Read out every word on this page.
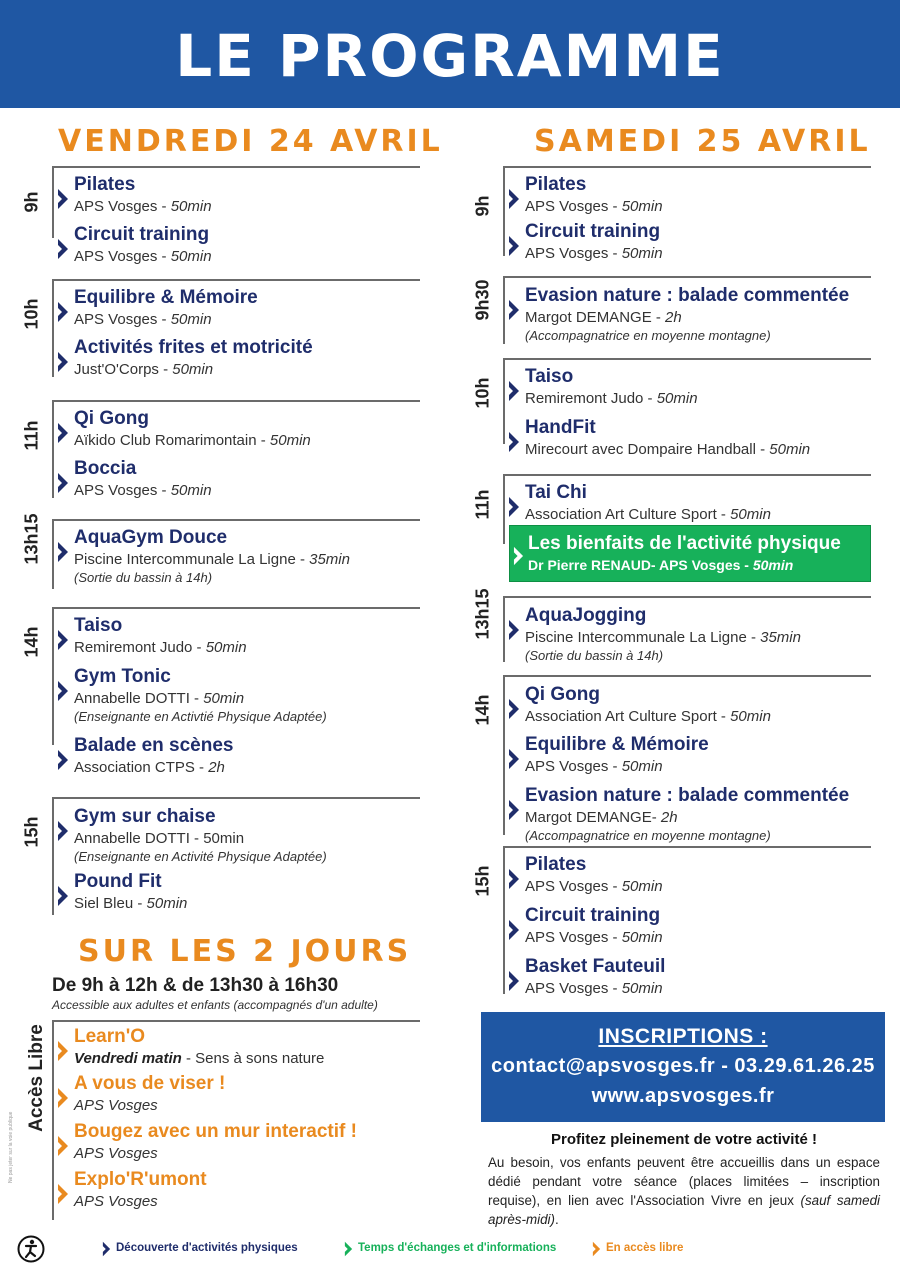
LE PROGRAMME
VENDREDI 24 AVRIL	SAMEDI 25 AVRIL
9h
Pilates
APS Vosges - 50min
Circuit training
APS Vosges - 50min
10h
Equilibre & Mémoire
APS Vosges - 50min
Activités frites et motricité
Just'O'Corps - 50min
11h
Qi Gong
Aïkido Club Romarimontain - 50min
Boccia
APS Vosges - 50min
13h15 AquaGym Douce
Piscine Intercommunale La Ligne - 35min
(Sortie du bassin à 14h)
14h
Taiso
Remiremont Judo - 50min
Gym Tonic
Annabelle DOTTI - 50min
(Enseignante en Activtié Physique Adaptée)
Balade en scènes
Association CTPS - 2h
15h Gym sur chaise
Annabelle DOTTI - 50min
(Enseignante en Activité Physique Adaptée)
Pound Fit
Siel Bleu - 50min
9h
Pilates
APS Vosges - 50min
Circuit training
APS Vosges - 50min
9h30 Evasion nature : balade commentée
Margot DEMANGE - 2h
(Accompagnatrice en moyenne montagne)
10h
Taiso
Remiremont Judo - 50min
HandFit
Mirecourt avec Dompaire Handball - 50min
11h Tai Chi
Association Art Culture Sport - 50min
Les bienfaits de l'activité physique
Dr Pierre RENAUD- APS Vosges - 50min
13h15 AquaJogging
Piscine Intercommunale La Ligne - 35min
(Sortie du bassin à 14h)
14h Qi Gong
Association Art Culture Sport - 50min
Equilibre & Mémoire
APS Vosges - 50min
Evasion nature : balade commentée
Margot DEMANGE- 2h
(Accompagnatrice en moyenne montagne)
15h
Pilates
APS Vosges - 50min
Circuit training
APS Vosges - 50min
Basket Fauteuil
APS Vosges - 50min
SUR LES 2 JOURS
De 9h à 12h & de 13h30 à 16h30
Accessible aux adultes et enfants (accompagnés d'un adulte)
Accès Libre Learn'O
Vendredi matin - Sens à sons nature
A vous de viser !
APS Vosges
Bougez avec un mur interactif !
APS Vosges
Explo'R'umont
APS Vosges
INSCRIPTIONS :
contact@apsvosges.fr - 03.29.61.26.25
www.apsvosges.fr
Profitez pleinement de votre activité !
Au besoin, vos enfants peuvent être accueillis dans un espace dédié pendant votre séance (places limitées – inscription requise), en lien avec l'Association Vivre en jeux (sauf samedi après-midi).
Ne pas jeter sur la voie publique
Découverte d'activités physiques	Temps d'échanges et d'informations	En accès libre
